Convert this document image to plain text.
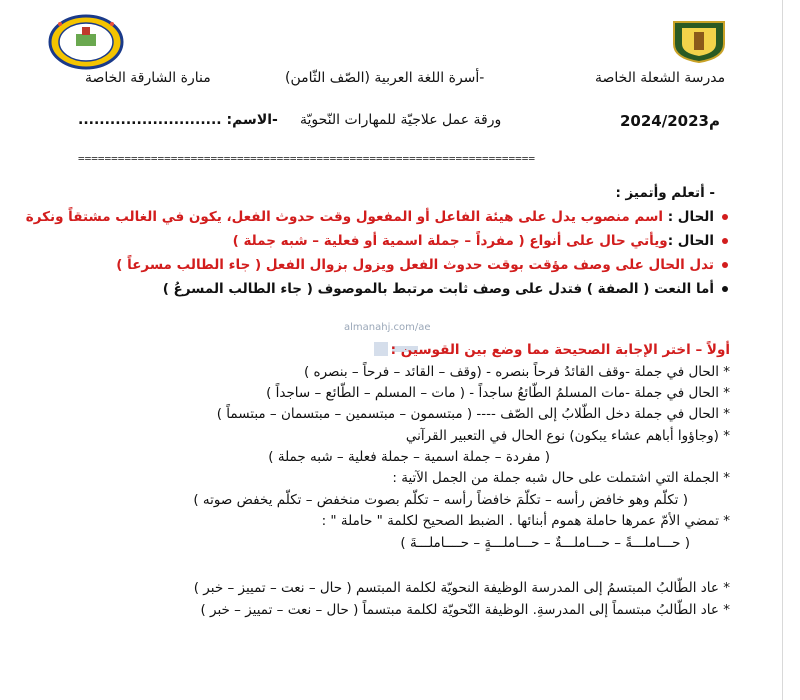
مدرسة الشعلة الخاصة
-أسرة اللغة العربية (الصّف الثّامن)
منارة الشارقة الخاصة
2024/2023م
ورقة عمل علاجيّة للمهارات النّحويّة
-الاسم: ...........................
=====================================================================
- أتعلم وأتميز :
الحال : اسم منصوب يدل على هيئة الفاعل أو المفعول وقت حدوث الفعل، يكون في الغالب مشتقاً ونكرة
الحال :ويأتي حال على أنواع ( مفرداً – جملة اسمية أو فعلية – شبه جملة )
تدل الحال على وصف مؤقت بوقت حدوث الفعل ويزول بزوال الفعل ( جاء الطالب مسرعاً )
أما النعت ( الصفة ) فتدل على وصف ثابت مرتبط بالموصوف ( جاء الطالب المسرعُ )
almanahj.com/ae
أولاً – اختر الإجابة الصحيحة مما وضع بين القوسين :
* الحال في جملة -وقف القائدُ فرحاً بنصره - (وقف – القائد – فرحاً – بنصره )
* الحال في جملة -مات المسلمُ الطّائعُ ساجداً - ( مات – المسلم – الطّائع – ساجداً )
* الحال في جملة دخل الطّلابُ إلى الصّف ---- ( مبتسمون – مبتسمين – مبتسمان – مبتسماً )
* (وجاؤوا أباهم عشاء يبكون) نوع الحال في التعبير القرآني
( مفردة – جملة اسمية – جملة فعلية – شبه جملة )
* الجملة التي اشتملت على حال شبه جملة من الجمل الآتية :
( تكلّم وهو خافض رأسه – تكلّمَ خافضاً رأسه – تكلّم بصوت منخفض – تكلّم يخفض صوته )
* تمضي الأمّ عمرها حاملة هموم أبنائها . الضبط الصحيح لكلمة " حاملة " :
( حـــاملـــةً – حـــاملـــةٌ – حـــاملـــةٍ – حــــاملـــةَ )
* عاد الطّالبُ المبتسمُ إلى المدرسة الوظيفة النحويّة لكلمة المبتسم ( حال – نعت – تمييز – خبر )
* عاد الطّالبُ مبتسماً إلى المدرسةِ. الوظيفة النّحويّة لكلمة مبتسماً ( حال – نعت – تمييز – خبر )
